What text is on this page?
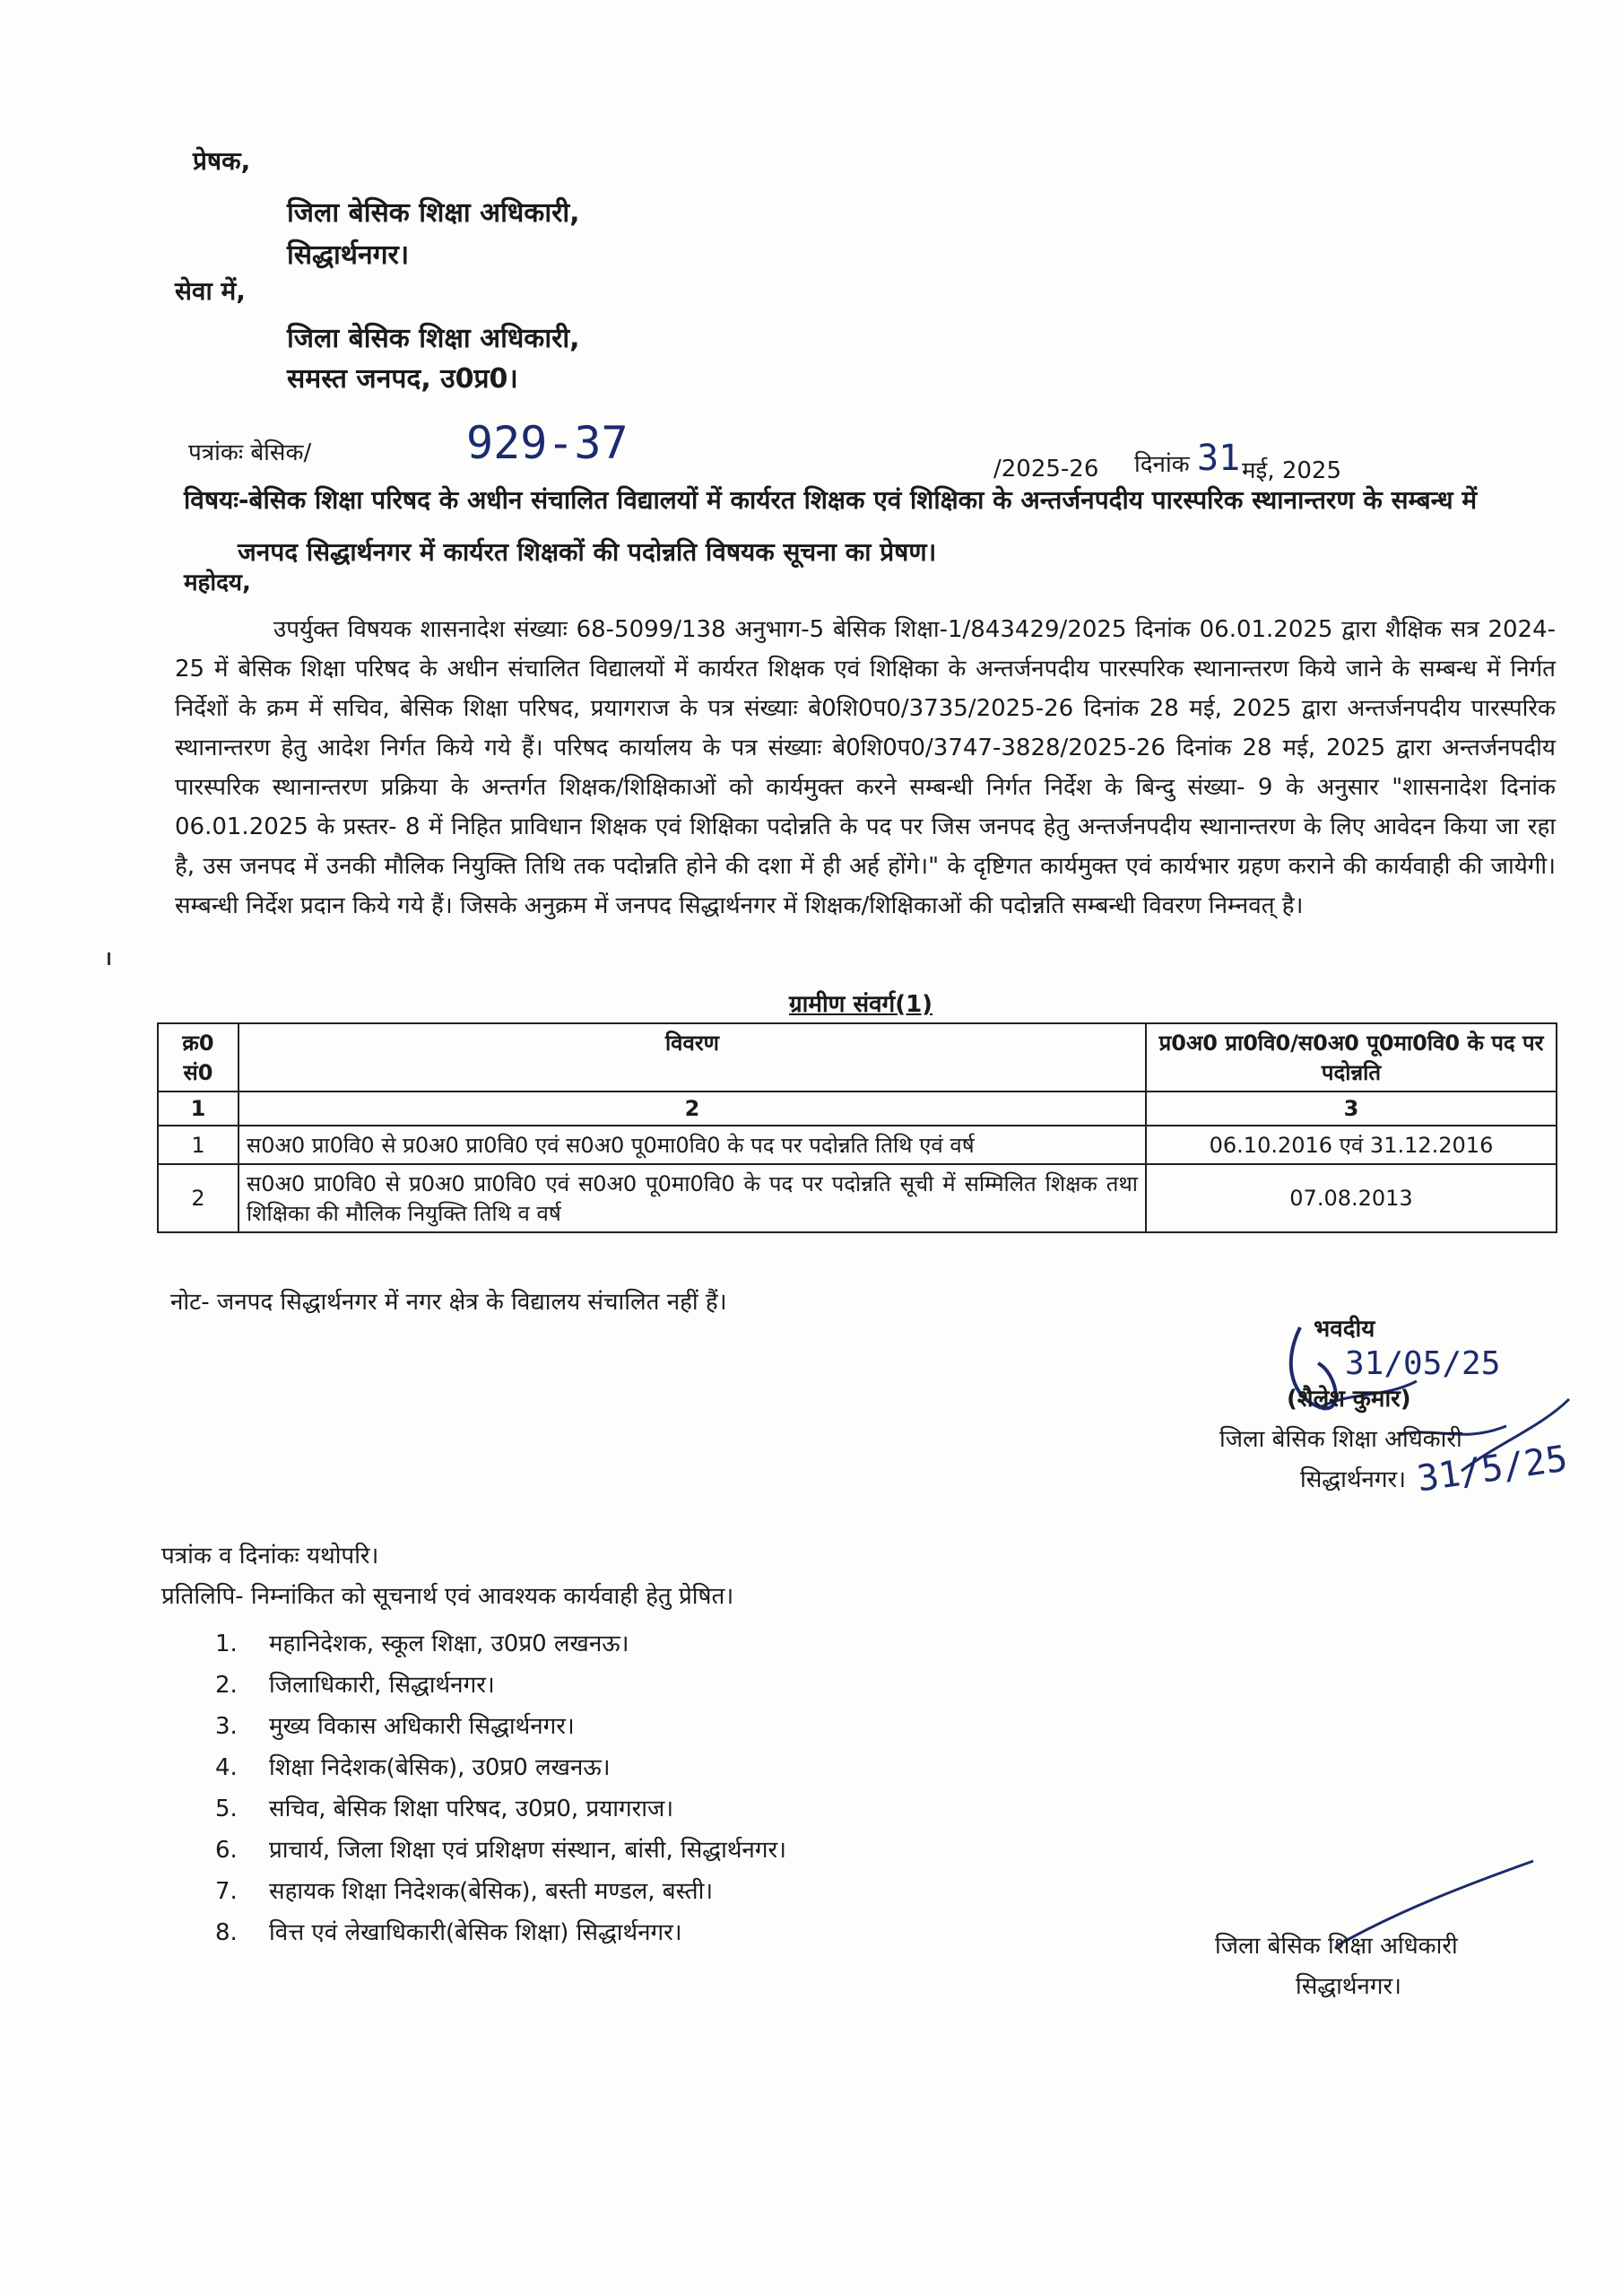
प्रेषक,
जिला बेसिक शिक्षा अधिकारी,
सिद्धार्थनगर।
सेवा में,
जिला बेसिक शिक्षा अधिकारी,
समस्त जनपद, उ0प्र0।
पत्रांकः बेसिक/	929-37	/2025-26 दिनांक 31 मई, 2025
विषयः-बेसिक शिक्षा परिषद के अधीन संचालित विद्यालयों में कार्यरत शिक्षक एवं शिक्षिका के अन्तर्जनपदीय पारस्परिक स्थानान्तरण के सम्बन्ध में
जनपद सिद्धार्थनगर में कार्यरत शिक्षकों की पदोन्नति विषयक सूचना का प्रेषण।
महोदय,
उपर्युक्त विषयक शासनादेश संख्याः 68-5099/138 अनुभाग-5 बेसिक शिक्षा-1/843429/2025 दिनांक 06.01.2025 द्वारा शैक्षिक सत्र 2024-25 में बेसिक शिक्षा परिषद के अधीन संचालित विद्यालयों में कार्यरत शिक्षक एवं शिक्षिका के अन्तर्जनपदीय पारस्परिक स्थानान्तरण किये जाने के सम्बन्ध में निर्गत निर्देशों के क्रम में सचिव, बेसिक शिक्षा परिषद, प्रयागराज के पत्र संख्याः बे0शि0प0/3735/2025-26 दिनांक 28 मई, 2025 द्वारा अन्तर्जनपदीय पारस्परिक स्थानान्तरण हेतु आदेश निर्गत किये गये हैं। परिषद कार्यालय के पत्र संख्याः बे0शि0प0/3747-3828/2025-26 दिनांक 28 मई, 2025 द्वारा अन्तर्जनपदीय पारस्परिक स्थानान्तरण प्रक्रिया के अन्तर्गत शिक्षक/शिक्षिकाओं को कार्यमुक्त करने सम्बन्धी निर्गत निर्देश के बिन्दु संख्या- 9 के अनुसार "शासनादेश दिनांक 06.01.2025 के प्रस्तर- 8 में निहित प्राविधान शिक्षक एवं शिक्षिका पदोन्नति के पद पर जिस जनपद हेतु अन्तर्जनपदीय स्थानान्तरण के लिए आवेदन किया जा रहा है, उस जनपद में उनकी मौलिक नियुक्ति तिथि तक पदोन्नति होने की दशा में ही अर्ह होंगे।" के दृष्टिगत कार्यमुक्त एवं कार्यभार ग्रहण कराने की कार्यवाही की जायेगी। सम्बन्धी निर्देश प्रदान किये गये हैं। जिसके अनुक्रम में जनपद सिद्धार्थनगर में शिक्षक/शिक्षिकाओं की पदोन्नति सम्बन्धी विवरण निम्नवत् है।
ग्रामीण संवर्ग(1)
क्र0 सं0	विवरण	प्र0अ0 प्रा0वि0/स0अ0 पू0मा0वि0 के पद पर पदोन्नति
1	2	3
1	स0अ0 प्रा0वि0 से प्र0अ0 प्रा0वि0 एवं स0अ0 पू0मा0वि0 के पद पर पदोन्नति तिथि एवं वर्ष	06.10.2016 एवं 31.12.2016
2	स0अ0 प्रा0वि0 से प्र0अ0 प्रा0वि0 एवं स0अ0 पू0मा0वि0 के पद पर पदोन्नति सूची में सम्मिलित शिक्षक तथा शिक्षिका की मौलिक नियुक्ति तिथि व वर्ष	07.08.2013
नोट- जनपद सिद्धार्थनगर में नगर क्षेत्र के विद्यालय संचालित नहीं हैं।
भवदीय
31/05/25
(शैलेश कुमार)
जिला बेसिक शिक्षा अधिकारी
सिद्धार्थनगर। 31/5/25
पत्रांक व दिनांकः यथोपरि।
प्रतिलिपि- निम्नांकित को सूचनार्थ एवं आवश्यक कार्यवाही हेतु प्रेषित।
1. महानिदेशक, स्कूल शिक्षा, उ0प्र0 लखनऊ।
2. जिलाधिकारी, सिद्धार्थनगर।
3. मुख्य विकास अधिकारी सिद्धार्थनगर।
4. शिक्षा निदेशक(बेसिक), उ0प्र0 लखनऊ।
5. सचिव, बेसिक शिक्षा परिषद, उ0प्र0, प्रयागराज।
6. प्राचार्य, जिला शिक्षा एवं प्रशिक्षण संस्थान, बांसी, सिद्धार्थनगर।
7. सहायक शिक्षा निदेशक(बेसिक), बस्ती मण्डल, बस्ती।
8. वित्त एवं लेखाधिकारी(बेसिक शिक्षा) सिद्धार्थनगर।	जिला बेसिक शिक्षा अधिकारी
सिद्धार्थनगर।
